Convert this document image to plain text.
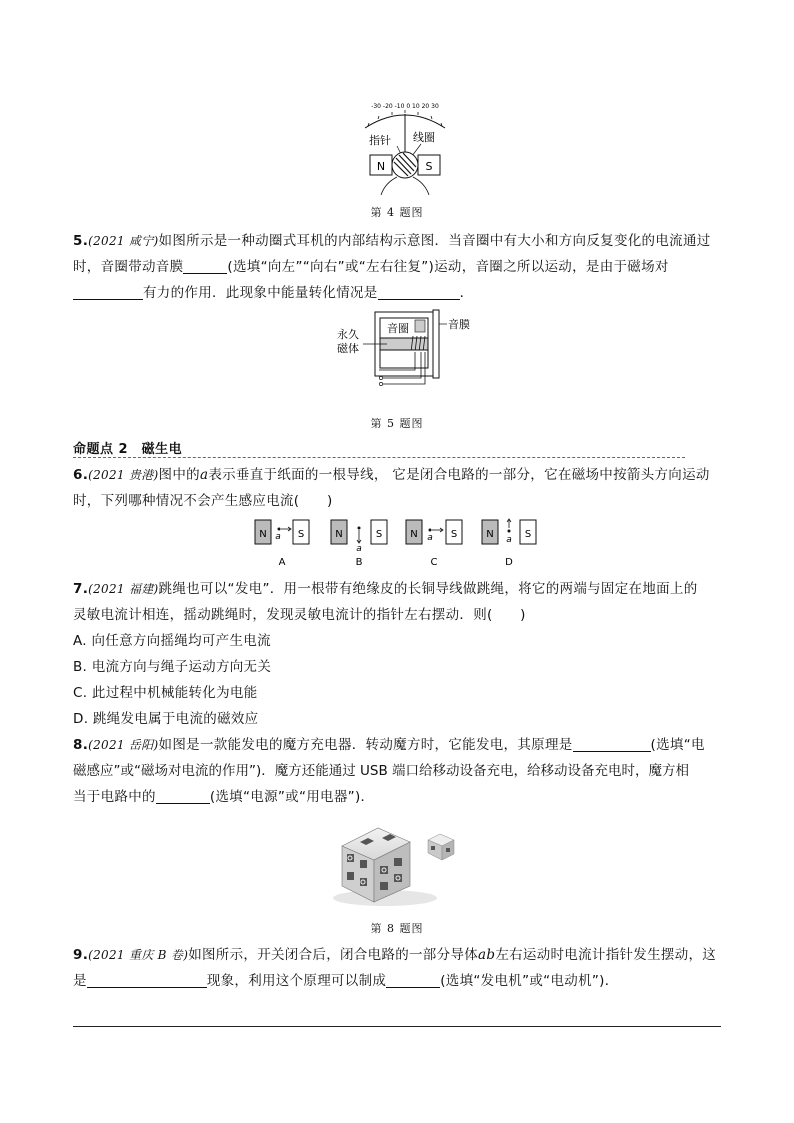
-30 -20 -10 0 10 20 30
指针 线圈
N	S
第 4 题图
5.(2021 咸宁)如图所示是一种动圈式耳机的内部结构示意图．当音圈中有大小和方向反复变化的电流通过
时，音圈带动音膜	(选填“向左”“向右”或“左右往复”)运动，音圈之所以运动，是由于磁场对
有力的作用．此现象中能量转化情况是	．
音圈	音膜
永久
磁体
第 5 题图
命题点 2　磁生电
6.(2021 贵港)图中的a表示垂直于纸面的一根导线， 它是闭合电路的一部分，它在磁场中按箭头方向运动
时，下列哪种情况不会产生感应电流(　　)
N	S
a
A
N	S
a
B
N	S
a
C
N	S
a
D
7.(2021 福建)跳绳也可以“发电”．用一根带有绝缘皮的长铜导线做跳绳，将它的两端与固定在地面上的
灵敏电流计相连，摇动跳绳时，发现灵敏电流计的指针左右摆动．则(　　)
A. 向任意方向摇绳均可产生电流
B. 电流方向与绳子运动方向无关
C. 此过程中机械能转化为电能
D. 跳绳发电属于电流的磁效应
8.(2021 岳阳)如图是一款能发电的魔方充电器．转动魔方时，它能发电，其原理是	(选填“电
磁感应”或“磁场对电流的作用”)．魔方还能通过 USB 端口给移动设备充电，给移动设备充电时，魔方相
当于电路中的	(选填“电源”或“用电器”)．
第 8 题图
9.(2021 重庆 B 卷)如图所示，开关闭合后，闭合电路的一部分导体ab左右运动时电流计指针发生摆动，这
是	现象，利用这个原理可以制成	(选填“发电机”或“电动机”)．
